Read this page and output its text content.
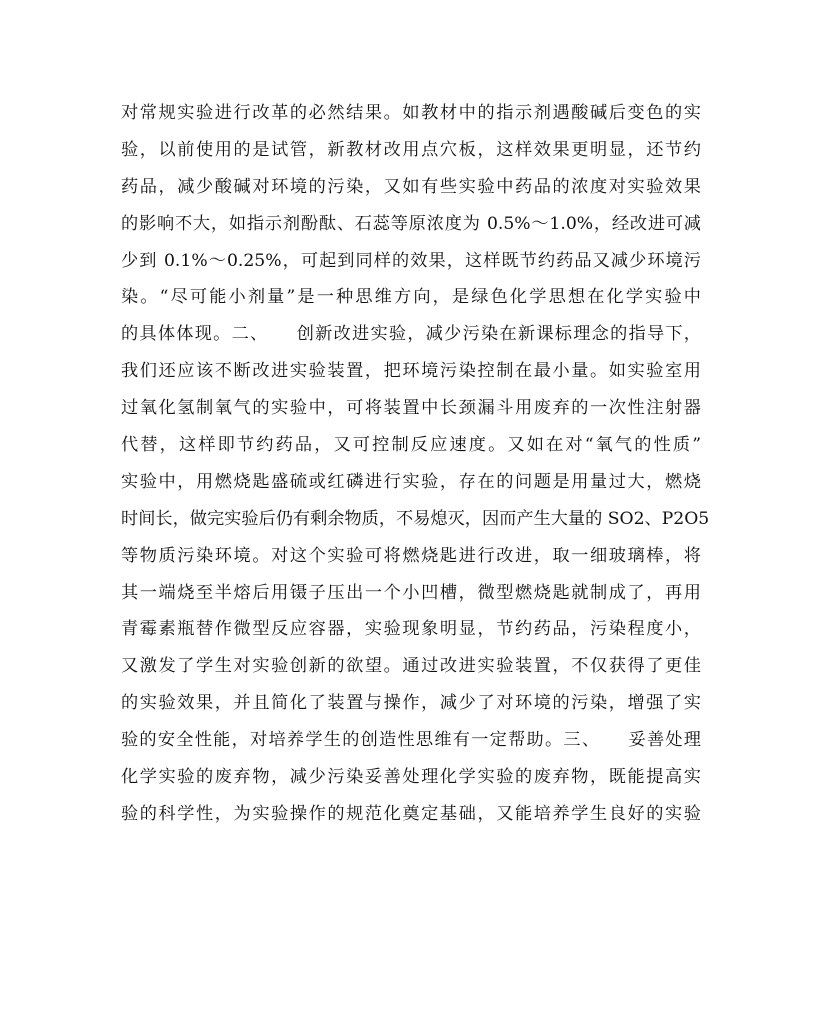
对常规实验进行改革的必然结果。如教材中的指示剂遇酸碱后变色的实
验，以前使用的是试管，新教材改用点穴板，这样效果更明显，还节约
药品，减少酸碱对环境的污染，又如有些实验中药品的浓度对实验效果
的影响不大，如指示剂酚酞、石蕊等原浓度为 0.5%～1.0%，经改进可减
少到 0.1%～0.25%，可起到同样的效果，这样既节约药品又减少环境污
染。“尽可能小剂量”是一种思维方向，是绿色化学思想在化学实验中
的具体体现。二、　　创新改进实验，减少污染在新课标理念的指导下，
我们还应该不断改进实验装置，把环境污染控制在最小量。如实验室用
过氧化氢制氧气的实验中，可将装置中长颈漏斗用废弃的一次性注射器
代替，这样即节约药品，又可控制反应速度。又如在对“氧气的性质”
实验中，用燃烧匙盛硫或红磷进行实验，存在的问题是用量过大，燃烧
时间长，做完实验后仍有剩余物质，不易熄灭，因而产生大量的 SO2、P2O5
等物质污染环境。对这个实验可将燃烧匙进行改进，取一细玻璃棒，将
其一端烧至半熔后用镊子压出一个小凹槽，微型燃烧匙就制成了，再用
青霉素瓶替作微型反应容器，实验现象明显，节约药品，污染程度小，
又激发了学生对实验创新的欲望。通过改进实验装置，不仅获得了更佳
的实验效果，并且简化了装置与操作，减少了对环境的污染，增强了实
验的安全性能，对培养学生的创造性思维有一定帮助。三、　　妥善处理
化学实验的废弃物，减少污染妥善处理化学实验的废弃物，既能提高实
验的科学性，为实验操作的规范化奠定基础，又能培养学生良好的实验
